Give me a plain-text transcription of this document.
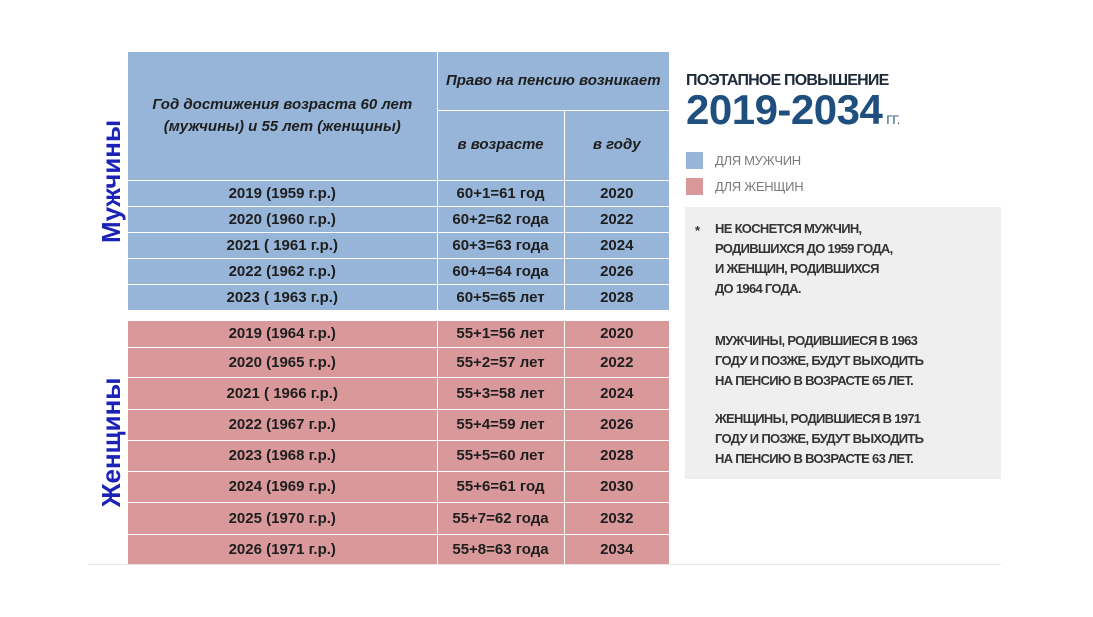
Мужчины
Женщины
Год достижения возраста 60 лет (мужчины) и 55 лет (женщины)	Право на пенсию возникает	
	в возрасте	в году
2019 (1959 г.р.)	60+1=61 год	2020
2020 (1960 г.р.)	60+2=62 года	2022
2021 ( 1961 г.р.)	60+3=63 года	2024
2022 (1962 г.р.)	60+4=64 года	2026
2023 ( 1963 г.р.)	60+5=65 лет	2028
2019 (1964 г.р.)	55+1=56 лет	2020
2020 (1965 г.р.)	55+2=57 лет	2022
2021 ( 1966 г.р.)	55+3=58 лет	2024
2022 (1967 г.р.)	55+4=59 лет	2026
2023 (1968 г.р.)	55+5=60 лет	2028
2024 (1969 г.р.)	55+6=61 год	2030
2025 (1970 г.р.)	55+7=62 года	2032
2026 (1971 г.р.)	55+8=63 года	2034
ПОЭТАПНОЕ ПОВЫШЕНИЕ
2019-2034 ГГ.
ДЛЯ МУЖЧИН
ДЛЯ ЖЕНЩИН
* НЕ КОСНЕТСЯ МУЖЧИН,
РОДИВШИХСЯ ДО 1959 ГОДА,
И ЖЕНЩИН, РОДИВШИХСЯ
ДО 1964 ГОДА.

МУЖЧИНЫ, РОДИВШИЕСЯ В 1963
ГОДУ И ПОЗЖЕ, БУДУТ ВЫХОДИТЬ
НА ПЕНСИЮ В ВОЗРАСТЕ 65 ЛЕТ.

ЖЕНЩИНЫ, РОДИВШИЕСЯ В 1971
ГОДУ И ПОЗЖЕ, БУДУТ ВЫХОДИТЬ
НА ПЕНСИЮ В ВОЗРАСТЕ 63 ЛЕТ.
